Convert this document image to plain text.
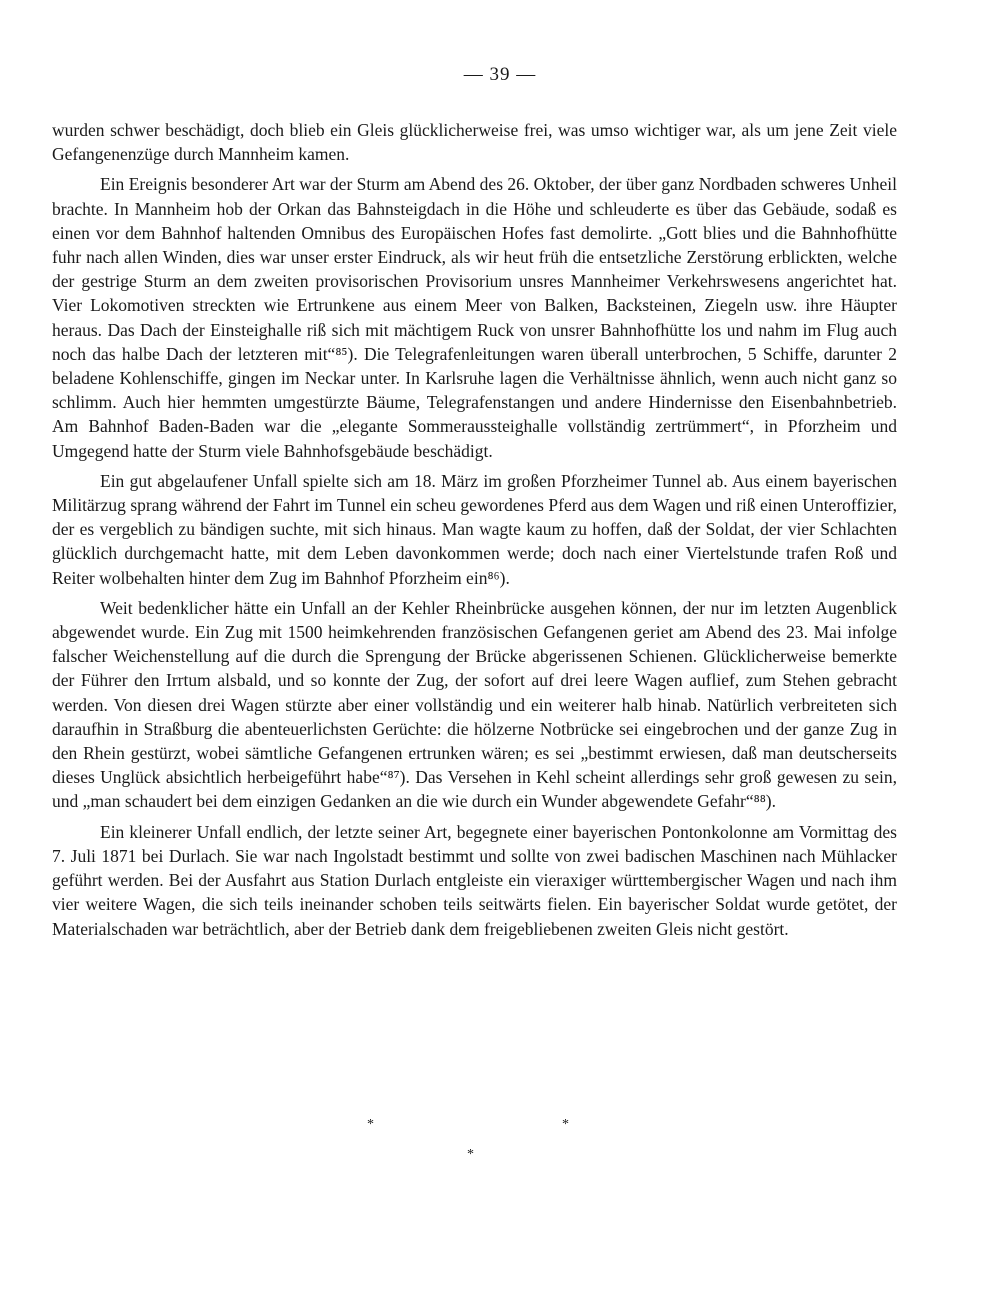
— 39 —

wurden schwer beschädigt, doch blieb ein Gleis glücklicherweise frei, was umso wichtiger war, als um jene Zeit viele Gefangenenzüge durch Mannheim kamen.

Ein Ereignis besonderer Art war der Sturm am Abend des 26. Oktober, der über ganz Nordbaden schweres Unheil brachte. In Mannheim hob der Orkan das Bahnsteigdach in die Höhe und schleuderte es über das Gebäude, sodaß es einen vor dem Bahnhof haltenden Omnibus des Europäischen Hofes fast demolirte. „Gott blies und die Bahnhofhütte fuhr nach allen Winden, dies war unser erster Eindruck, als wir heut früh die entsetzliche Zerstörung erblickten, welche der gestrige Sturm an dem zweiten provisorischen Provisorium unsres Mannheimer Verkehrswesens angerichtet hat. Vier Lokomotiven streckten wie Ertrunkene aus einem Meer von Balken, Backsteinen, Ziegeln usw. ihre Häupter heraus. Das Dach der Einsteighalle riß sich mit mächtigem Ruck von unsrer Bahnhofhütte los und nahm im Flug auch noch das halbe Dach der letzteren mit“⁸⁵). Die Telegrafenleitungen waren überall unterbrochen, 5 Schiffe, darunter 2 beladene Kohlenschiffe, gingen im Neckar unter. In Karlsruhe lagen die Verhältnisse ähnlich, wenn auch nicht ganz so schlimm. Auch hier hemmten umgestürzte Bäume, Telegrafenstangen und andere Hindernisse den Eisenbahnbetrieb. Am Bahnhof Baden-Baden war die „elegante Sommeraussteighalle vollständig zertrümmert“, in Pforzheim und Umgegend hatte der Sturm viele Bahnhofsgebäude beschädigt.

Ein gut abgelaufener Unfall spielte sich am 18. März im großen Pforzheimer Tunnel ab. Aus einem bayerischen Militärzug sprang während der Fahrt im Tunnel ein scheu gewordenes Pferd aus dem Wagen und riß einen Unteroffizier, der es vergeblich zu bändigen suchte, mit sich hinaus. Man wagte kaum zu hoffen, daß der Soldat, der vier Schlachten glücklich durchgemacht hatte, mit dem Leben davonkommen werde; doch nach einer Viertelstunde trafen Roß und Reiter wolbehalten hinter dem Zug im Bahnhof Pforzheim ein⁸⁶).

Weit bedenklicher hätte ein Unfall an der Kehler Rheinbrücke ausgehen können, der nur im letzten Augenblick abgewendet wurde. Ein Zug mit 1500 heimkehrenden französischen Gefangenen geriet am Abend des 23. Mai infolge falscher Weichenstellung auf die durch die Sprengung der Brücke abgerissenen Schienen. Glücklicherweise bemerkte der Führer den Irrtum alsbald, und so konnte der Zug, der sofort auf drei leere Wagen auflief, zum Stehen gebracht werden. Von diesen drei Wagen stürzte aber einer vollständig und ein weiterer halb hinab. Natürlich verbreiteten sich daraufhin in Straßburg die abenteuerlichsten Gerüchte: die hölzerne Notbrücke sei eingebrochen und der ganze Zug in den Rhein gestürzt, wobei sämtliche Gefangenen ertrunken wären; es sei „bestimmt erwiesen, daß man deutscherseits dieses Unglück absichtlich herbeigeführt habe“⁸⁷). Das Versehen in Kehl scheint allerdings sehr groß gewesen zu sein, und „man schaudert bei dem einzigen Gedanken an die wie durch ein Wunder abgewendete Gefahr“⁸⁸).

Ein kleinerer Unfall endlich, der letzte seiner Art, begegnete einer bayerischen Pontonkolonne am Vormittag des 7. Juli 1871 bei Durlach. Sie war nach Ingolstadt bestimmt und sollte von zwei badischen Maschinen nach Mühlacker geführt werden. Bei der Ausfahrt aus Station Durlach entgleiste ein vieraxiger württembergischer Wagen und nach ihm vier weitere Wagen, die sich teils ineinander schoben teils seitwärts fielen. Ein bayerischer Soldat wurde getötet, der Materialschaden war beträchtlich, aber der Betrieb dank dem freigebliebenen zweiten Gleis nicht gestört.

*	*
*
